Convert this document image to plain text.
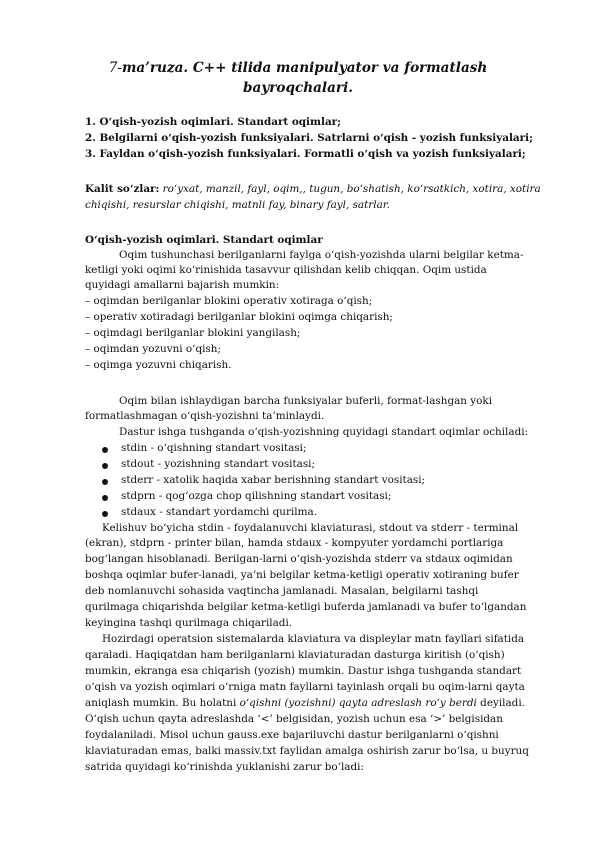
7-ma’ruza. C++ tilida manipulyator va formatlash
bayroqchalari.
1. O‘qish-yozish oqimlari. Standart oqimlar;
2. Belgilarni o‘qish-yozish funksiyalari. Satrlarni o‘qish - yozish funksiyalari;
3. Fayldan o‘qish-yozish funksiyalari. Formatli o‘qish va yozish funksiyalari;
Kalit so‘zlar: ro‘yxat, manzil, fayl, oqim,, tugun, bo‘shatish, ko‘rsatkich, xotira, xotira
chiqishi, resurslar chiqishi, matnli fay, binary fayl, satrlar.
O‘qish-yozish oqimlari. Standart oqimlar
Oqim tushunchasi berilganlarni faylga o‘qish-yozishda ularni belgilar ketma-
ketligi yoki oqimi ko‘rinishida tasavvur qilishdan kelib chiqqan. Oqim ustida
quyidagi amallarni bajarish mumkin:
– oqimdan berilganlar blokini operativ xotiraga o‘qish;
– operativ xotiradagi berilganlar blokini oqimga chiqarish;
– oqimdagi berilganlar blokini yangilash;
– oqimdan yozuvni o‘qish;
– oqimga yozuvni chiqarish.
Oqim bilan ishlaydigan barcha funksiyalar buferli, format-lashgan yoki
formatlashmagan o‘qish-yozishni ta’minlaydi.
Dastur ishga tushganda o‘qish-yozishning quyidagi standart oqimlar ochiladi:
stdin - o‘qishning standart vositasi;
stdout - yozishning standart vositasi;
stderr - xatolik haqida xabar berishning standart vositasi;
stdprn - qog‘ozga chop qilishning standart vositasi;
stdaux - standart yordamchi qurilma.
Kelishuv bo‘yicha stdin - foydalanuvchi klaviaturasi, stdout va stderr - terminal
(ekran), stdprn - printer bilan, hamda stdaux - kompyuter yordamchi portlariga
bog‘langan hisoblanadi. Berilgan-larni o‘qish-yozishda stderr va stdaux oqimidan
boshqa oqimlar bufer-lanadi, ya’ni belgilar ketma-ketligi operativ xotiraning bufer
deb nomlanuvchi sohasida vaqtincha jamlanadi. Masalan, belgilarni tashqi
qurilmaga chiqarishda belgilar ketma-ketligi buferda jamlanadi va bufer to‘lgandan
keyingina tashqi qurilmaga chiqariladi.
Hozirdagi operatsion sistemalarda klaviatura va displeylar matn fayllari sifatida
qaraladi. Haqiqatdan ham berilganlarni klaviaturadan dasturga kiritish (o‘qish)
mumkin, ekranga esa chiqarish (yozish) mumkin. Dastur ishga tushganda standart
o‘qish va yozish oqimlari o‘rniga matn fayllarni tayinlash orqali bu oqim-larni qayta
aniqlash mumkin. Bu holatni o‘qishni (yozishni) qayta adreslash ro‘y berdi deyiladi.
O‘qish uchun qayta adreslashda ‘<’ belgisidan, yozish uchun esa ‘>’ belgisidan
foydalaniladi. Misol uchun gauss.exe bajariluvchi dastur berilganlarni o‘qishni
klaviaturadan emas, balki massiv.txt faylidan amalga oshirish zarur bo‘lsa, u buyruq
satrida quyidagi ko‘rinishda yuklanishi zarur bo‘ladi:
